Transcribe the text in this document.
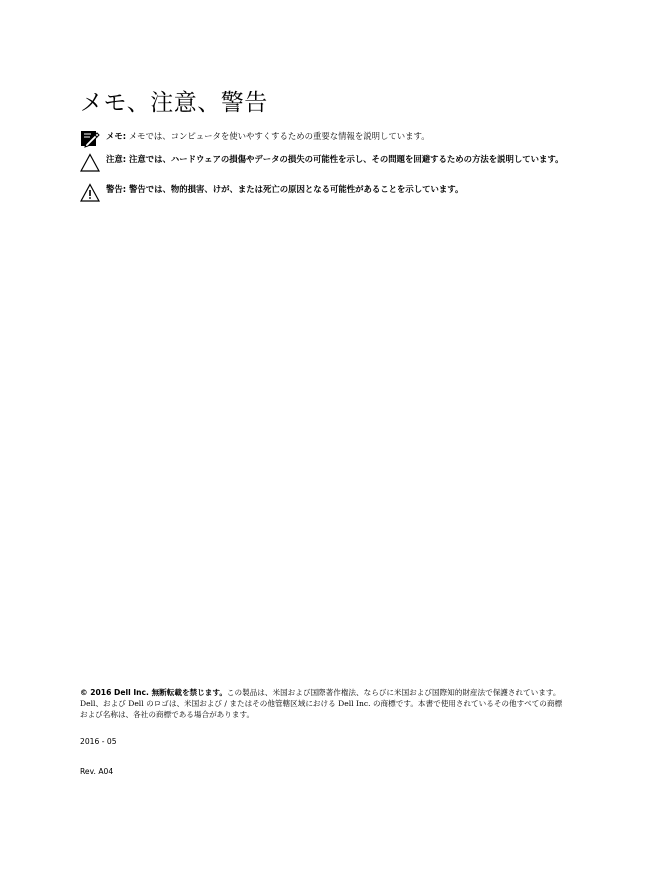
メモ、注意、警告
メモ: メモでは、コンピュータを使いやすくするための重要な情報を説明しています。
注意: 注意では、ハードウェアの損傷やデータの損失の可能性を示し、その問題を回避するための方法を説明しています。
警告: 警告では、物的損害、けが、または死亡の原因となる可能性があることを示しています。
© 2016 Dell Inc. 無断転載を禁じます。この製品は、米国および国際著作権法、ならびに米国および国際知的財産法で保護されています。Dell、および Dell のロゴは、米国および / またはその他管轄区域における Dell Inc. の商標です。本書で使用されているその他すべての商標および名称は、各社の商標である場合があります。
2016 - 05
Rev. A04
